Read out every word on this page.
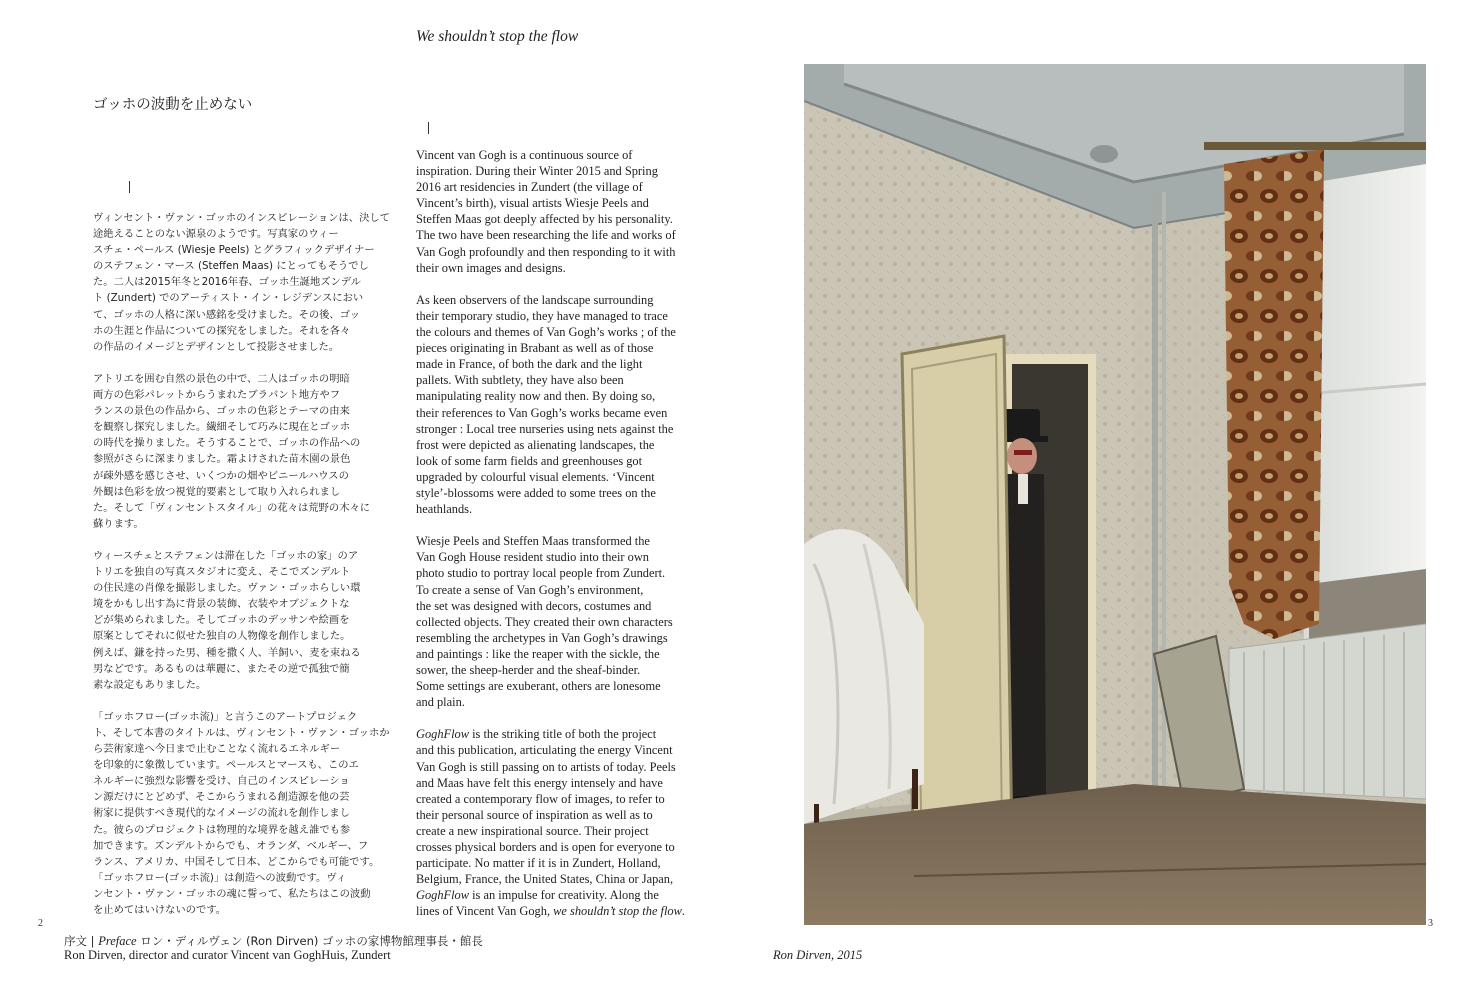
We shouldn’t stop the flow
ゴッホの波動を止めない

ヴィンセント・ヴァン・ゴッホのインスピレーションは、決して
途絶えることのない源泉のようです。写真家のウィー
スチェ・ペールス (Wiesje Peels) とグラフィックデザイナー
のステフェン・マース (Steffen Maas) にとってもそうでし
た。二人は2015年冬と2016年春、ゴッホ生誕地ズンデル
ト (Zundert) でのアーティスト・イン・レジデンスにおい
て、ゴッホの人格に深い感銘を受けました。その後、ゴッ
ホの生涯と作品についての探究をしました。それを各々
の作品のイメージとデザインとして投影させました。

アトリエを囲む自然の景色の中で、二人はゴッホの明暗
両方の色彩パレットからうまれたブラバント地方やフ
ランスの景色の作品から、ゴッホの色彩とテーマの由来
を観察し探究しました。繊細そして巧みに現在とゴッホ
の時代を操りました。そうすることで、ゴッホの作品への
参照がさらに深まりました。霜よけされた苗木園の景色
が疎外感を感じさせ、いくつかの畑やビニールハウスの
外観は色彩を放つ視覚的要素として取り入れられまし
た。そして「ヴィンセントスタイル」の花々は荒野の木々に
蘇ります。

ウィースチェとステフェンは滞在した「ゴッホの家」のア
トリエを独自の写真スタジオに変え、そこでズンデルト
の住民達の肖像を撮影しました。ヴァン・ゴッホらしい環
境をかもし出す為に背景の装飾、衣装やオブジェクトな
どが集められました。そしてゴッホのデッサンや絵画を
原案としてそれに似せた独自の人物像を創作しました。
例えば、鎌を持った男、種を撒く人、羊飼い、麦を束ねる
男などです。あるものは華麗に、またその逆で孤独で簡
素な設定もありました。

「ゴッホフロー(ゴッホ流)」と言うこのアートプロジェク
ト、そして本書のタイトルは、ヴィンセント・ヴァン・ゴッホか
ら芸術家達へ今日まで止むことなく流れるエネルギー
を印象的に象徴しています。ペールスとマースも、このエ
ネルギーに強烈な影響を受け、自己のインスピレーショ
ン源だけにとどめず、そこからうまれる創造源を他の芸
術家に提供すべき現代的なイメージの流れを創作しまし
た。彼らのプロジェクトは物理的な境界を越え誰でも参
加できます。ズンデルトからでも、オランダ、ベルギー、フ
ランス、アメリカ、中国そして日本、どこからでも可能です。
「ゴッホフロー(ゴッホ流)」は創造への波動です。ヴィ
ンセント・ヴァン・ゴッホの魂に誓って、私たちはこの波動
を止めてはいけないのです。

Vincent van Gogh is a continuous source of
inspiration. During their Winter 2015 and Spring
2016 art residencies in Zundert (the village of
Vincent’s birth), visual artists Wiesje Peels and
Steffen Maas got deeply affected by his personality.
The two have been researching the life and works of
Van Gogh profoundly and then responding to it with
their own images and designs.

As keen observers of the landscape surrounding
their temporary studio, they have managed to trace
the colours and themes of Van Gogh’s works ; of the
pieces originating in Brabant as well as of those
made in France, of both the dark and the light
pallets. With subtlety, they have also been
manipulating reality now and then. By doing so,
their references to Van Gogh’s works became even
stronger : Local tree nurseries using nets against the
frost were depicted as alienating landscapes, the
look of some farm fields and greenhouses got
upgraded by colourful visual elements. ‘Vincent
style’-blossoms were added to some trees on the
heathlands.

Wiesje Peels and Steffen Maas transformed the
Van Gogh House resident studio into their own
photo studio to portray local people from Zundert.
To create a sense of Van Gogh’s environment,
the set was designed with decors, costumes and
collected objects. They created their own characters
resembling the archetypes in Van Gogh’s drawings
and paintings : like the reaper with the sickle, the
sower, the sheep-herder and the sheaf-binder.
Some settings are exuberant, others are lonesome
and plain.

GoghFlow is the striking title of both the project
and this publication, articulating the energy Vincent
Van Gogh is still passing on to artists of today. Peels
and Maas have felt this energy intensely and have
created a contemporary flow of images, to refer to
their personal source of inspiration as well as to
create a new inspirational source. Their project
crosses physical borders and is open for everyone to
participate. No matter if it is in Zundert, Holland,
Belgium, France, the United States, China or Japan,
GoghFlow is an impulse for creativity. Along the
lines of Vincent Van Gogh, we shouldn’t stop the flow.

2	3
序文 | Preface ロン・ディルヴェン (Ron Dirven) ゴッホの家博物館理事長・館長
Ron Dirven, director and curator Vincent van GoghHuis, Zundert	Ron Dirven, 2015
